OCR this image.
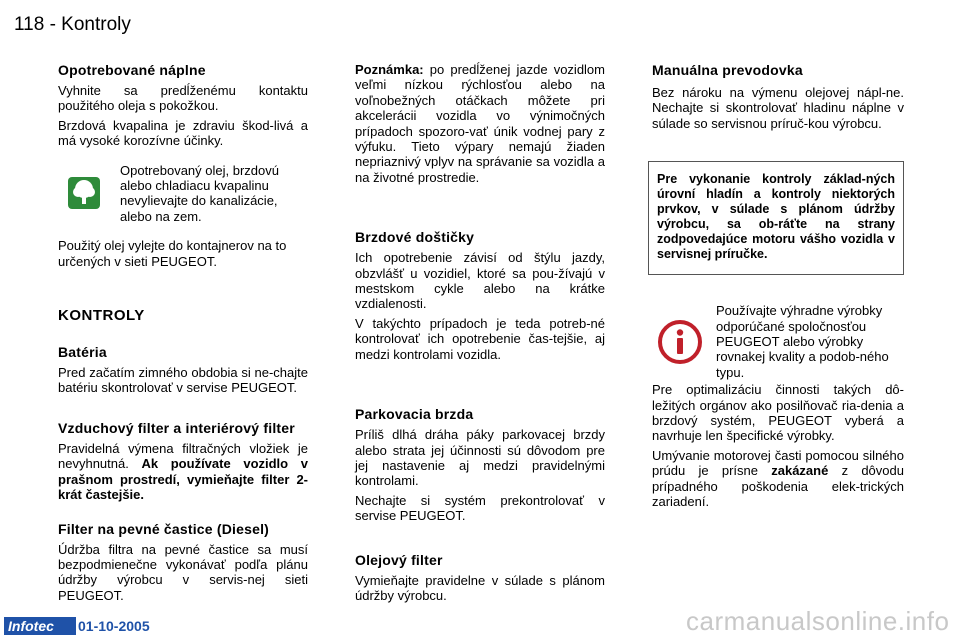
118 - Kontroly
Opotrebované náplne

Vyhnite sa predĺženému kontaktu použitého oleja s pokožkou.

Brzdová kvapalina je zdraviu škod-livá a má vysoké korozívne účinky.

Opotrebovaný olej, brzdovú alebo chladiacu kvapalinu nevylievajte do kanalizácie, alebo na zem.

Použitý olej vylejte do kontajnerov na to určených v sieti PEUGEOT.

KONTROLY
Batéria

Pred začatím zimného obdobia si ne-chajte batériu skontrolovať v servise PEUGEOT.

Vzduchový filter a interiérový filter

Pravidelná výmena filtračných vložiek je nevyhnutná. Ak používate vozidlo v prašnom prostredí, vymieňajte filter 2-krát častejšie.

Filter na pevné častice (Diesel)

Údržba filtra na pevné častice sa musí bezpodmienečne vykonávať podľa plánu údržby výrobcu v servis-nej sieti PEUGEOT.

Poznámka: po predĺženej jazde vozidlom veľmi nízkou rýchlosťou alebo na voľnobežných otáčkach môžete pri akcelerácii vozidla vo výnimočných prípadoch spozoro-vať únik vodnej pary z výfuku. Tieto výpary nemajú žiaden nepriaznivý vplyv na správanie sa vozidla a na životné prostredie.

Brzdové doštičky

Ich opotrebenie závisí od štýlu jazdy, obzvlášť u vozidiel, ktoré sa pou-žívajú v mestskom cykle alebo na krátke vzdialenosti.

V takýchto prípadoch je teda potreb-né kontrolovať ich opotrebenie čas-tejšie, aj medzi kontrolami vozidla.

Parkovacia brzda

Príliš dlhá dráha páky parkovacej brzdy alebo strata jej účinnosti sú dôvodom pre jej nastavenie aj medzi pravidelnými kontrolami.

Nechajte si systém prekontrolovať v servise PEUGEOT.

Olejový filter

Vymieňajte pravidelne v súlade s plánom údržby výrobcu.

Manuálna prevodovka

Bez nároku na výmenu olejovej nápl-ne. Nechajte si skontrolovať hladinu náplne v súlade so servisnou príruč-kou výrobcu.

Pre vykonanie kontroly základ-ných úrovní hladín a kontroly niektorých prvkov, v súlade s plánom údržby výrobcu, sa ob-ráťte na strany zodpovedajúce motoru vášho vozidla v servisnej príručke.
Používajte výhradne výrobky odporúčané spoločnosťou PEUGEOT alebo výrobky rovnakej kvality a podob-ného typu.

Pre optimalizáciu činnosti takých dô-ležitých orgánov ako posilňovač ria-denia a brzdový systém, PEUGEOT vyberá a navrhuje len špecifické výrobky.

Umývanie motorovej časti pomocou silného prúdu je prísne zakázané z dôvodu prípadného poškodenia elek-trických zariadení.

Infotec	01-10-2005	carmanualsonline.info
